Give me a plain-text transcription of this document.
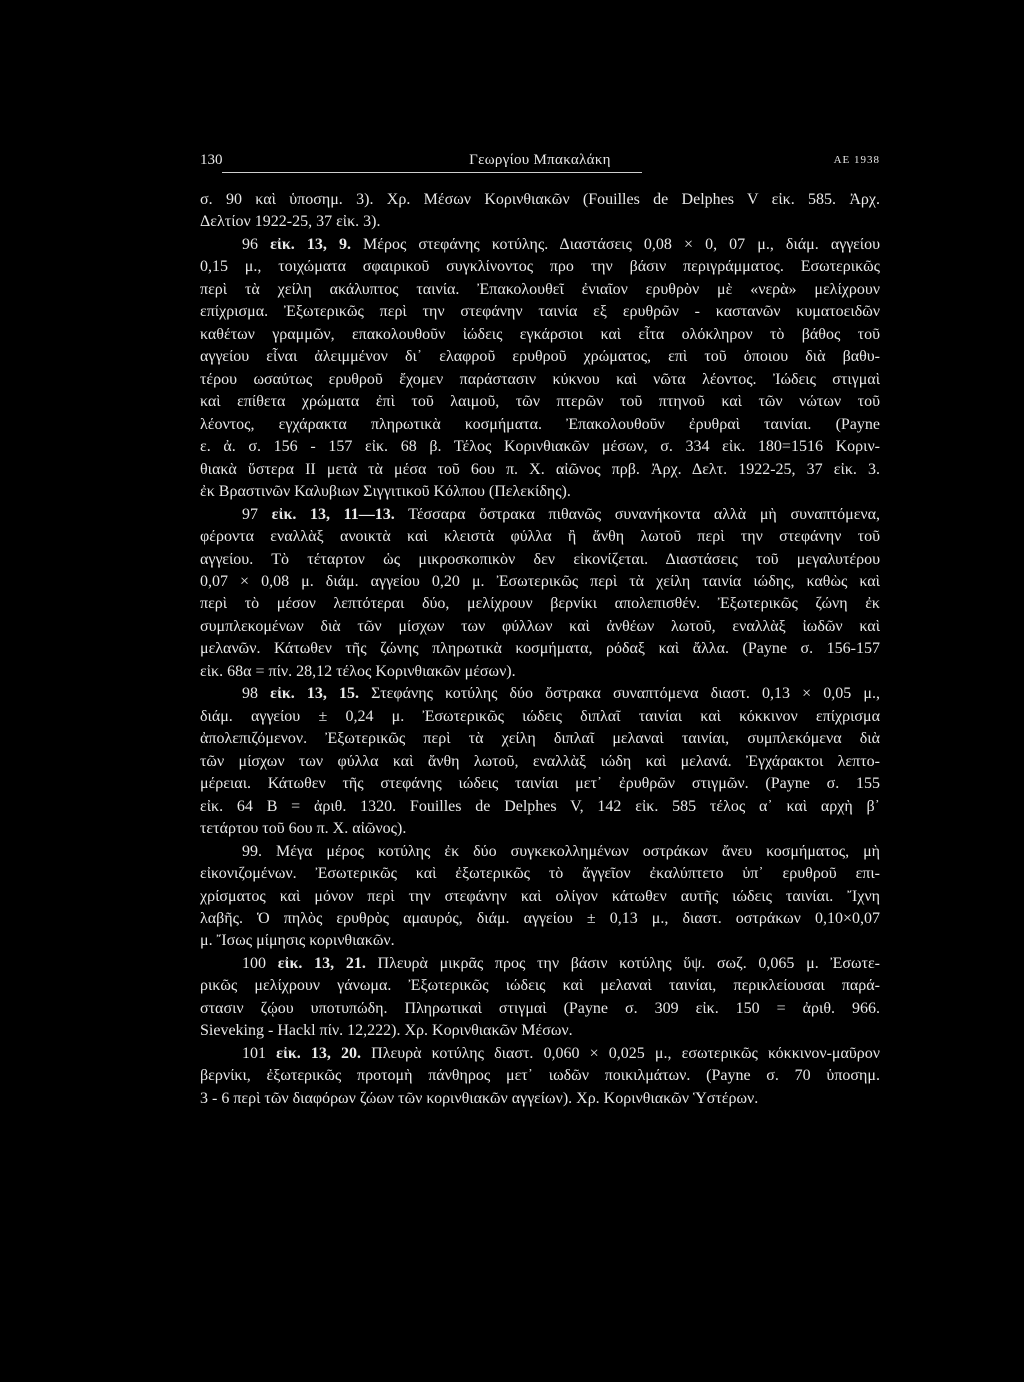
130	Γεωργίου Μπακαλάκη	ΑΕ 1938
σ. 90 καὶ ὑποσημ. 3). Χρ. Μέσων Κορινθιακῶν (Fouilles de Delphes V εἰκ. 585. Ἀρχ.
Δελτίον 1922-25, 37 εἰκ. 3).
96 εἰκ. 13, 9. Μέρος στεφάνης κοτύλης. Διαστάσεις 0,08 × 0, 07 μ., διάμ. αγγείου
0,15 μ., τοιχώματα σφαιρικοῦ συγκλίνοντος προ την βάσιν περιγράμματος. Εσωτερικῶς
περὶ τὰ χείλη ακάλυπτος ταινία. Ἐπακολουθεῖ ἐνιαῖον ερυθρὸν μὲ «νερὰ» μελίχρουν
επίχρισμα. Ἐξωτερικῶς περὶ την στεφάνην ταινία εξ ερυθρῶν - καστανῶν κυματοειδῶν
καθέτων γραμμῶν, επακολουθοῦν ἰώδεις εγκάρσιοι καὶ εἶτα ολόκληρον τὸ βάθος τοῦ
αγγείου εἶναι ἀλειμμένον δι᾽ ελαφροῦ ερυθροῦ χρώματος, επὶ τοῦ ὁποιου διὰ βαθυ-
τέρου ωσαύτως ερυθροῦ ἔχομεν παράστασιν κύκνου καὶ νῶτα λέοντος. Ἰώδεις στιγμαὶ
καὶ επίθετα χρώματα ἐπὶ τοῦ λαιμοῦ, τῶν πτερῶν τοῦ πτηνοῦ καὶ τῶν νώτων τοῦ
λέοντος, εγχάρακτα πληρωτικὰ κοσμήματα. Ἐπακολουθοῦν ἐρυθραὶ ταινίαι. (Payne
ε. ἀ. σ. 156 - 157 εἰκ. 68 β. Τέλος Κορινθιακῶν μέσων, σ. 334 εἰκ. 180=1516 Κοριν-
θιακὰ ὕστερα II μετὰ τὰ μέσα τοῦ 6ου π. Χ. αἰῶνος πρβ. Ἀρχ. Δελτ. 1922-25, 37 εἰκ. 3.
ἐκ Βραστινῶν Καλυβιων Σιγγιτικοῦ Κόλπου (Πελεκίδης).
97 εἰκ. 13, 11—13. Τέσσαρα ὄστρακα πιθανῶς συνανήκοντα αλλὰ μὴ συναπτόμενα,
φέροντα εναλλὰξ ανοικτὰ καὶ κλειστὰ φύλλα ἢ ἄνθη λωτοῦ περὶ την στεφάνην τοῦ
αγγείου. Τὸ τέταρτον ὡς μικροσκοπικὸν δεν εἰκονίζεται. Διαστάσεις τοῦ μεγαλυτέρου
0,07 × 0,08 μ. διάμ. αγγείου 0,20 μ. Ἐσωτερικῶς περὶ τὰ χείλη ταινία ιώδης, καθὼς καὶ
περὶ τὸ μέσον λεπτότεραι δύο, μελίχρουν βερνίκι απολεπισθέν. Ἐξωτερικῶς ζώνη ἐκ
συμπλεκομένων διὰ τῶν μίσχων των φύλλων καὶ ἀνθέων λωτοῦ, εναλλὰξ ἰωδῶν καὶ
μελανῶν. Κάτωθεν τῆς ζώνης πληρωτικὰ κοσμήματα, ρόδαξ καὶ ἄλλα. (Payne σ. 156-157
εἰκ. 68α = πίν. 28,12 τέλος Κορινθιακῶν μέσων).
98 εἰκ. 13, 15. Στεφάνης κοτύλης δύο ὄστρακα συναπτόμενα διαστ. 0,13 × 0,05 μ.,
διάμ. αγγείου ± 0,24 μ. Ἐσωτερικῶς ιώδεις διπλαῖ ταινίαι καὶ κόκκινον επίχρισμα
ἀπολεπιζόμενον. Ἐξωτερικῶς περὶ τὰ χείλη διπλαῖ μελαναὶ ταινίαι, συμπλεκόμενα διὰ
τῶν μίσχων των φύλλα καὶ ἄνθη λωτοῦ, εναλλὰξ ιώδη καὶ μελανά. Ἐγχάρακτοι λεπτο-
μέρειαι. Κάτωθεν τῆς στεφάνης ιώδεις ταινίαι μετ᾽ ἐρυθρῶν στιγμῶν. (Payne σ. 155
εἰκ. 64 Β = ἀριθ. 1320. Fouilles de Delphes V, 142 εἰκ. 585 τέλος α᾽ καὶ αρχὴ β᾽
τετάρτου τοῦ 6ου π. Χ. αἰῶνος).
99. Μέγα μέρος κοτύλης ἐκ δύο συγκεκολλημένων οστράκων ἄνευ κοσμήματος, μὴ
εἰκονιζομένων. Ἐσωτερικῶς καὶ ἐξωτερικῶς τὸ ἄγγεῖον ἐκαλύπτετο ὑπ᾽ ερυθροῦ επι-
χρίσματος καὶ μόνον περὶ την στεφάνην καὶ ολίγον κάτωθεν αυτῆς ιώδεις ταινίαι. Ἴχνη
λαβῆς. Ὁ πηλὸς ερυθρὸς αμαυρός, διάμ. αγγείου ± 0,13 μ., διαστ. οστράκων 0,10×0,07
μ. Ἴσως μίμησις κορινθιακῶν.
100 εἰκ. 13, 21. Πλευρὰ μικρᾶς προς την βάσιν κοτύλης ὕψ. σωζ. 0,065 μ. Ἐσωτε-
ρικῶς μελίχρουν γάνωμα. Ἐξωτερικῶς ιώδεις καὶ μελαναὶ ταινίαι, περικλείουσαι παρά-
στασιν ζῴου υποτυπώδη. Πληρωτικαὶ στιγμαὶ (Payne σ. 309 εἰκ. 150 = ἀριθ. 966.
Sieveking - Hackl πίν. 12,222). Χρ. Κορινθιακῶν Μέσων.
101 εἰκ. 13, 20. Πλευρὰ κοτύλης διαστ. 0,060 × 0,025 μ., εσωτερικῶς κόκκινον-μαῦρον
βερνίκι, ἐξωτερικῶς προτομὴ πάνθηρος μετ᾽ ιωδῶν ποικιλμάτων. (Payne σ. 70 ὑποσημ.
3 - 6 περὶ τῶν διαφόρων ζώων τῶν κορινθιακῶν αγγείων). Χρ. Κορινθιακῶν Ὑστέρων.
